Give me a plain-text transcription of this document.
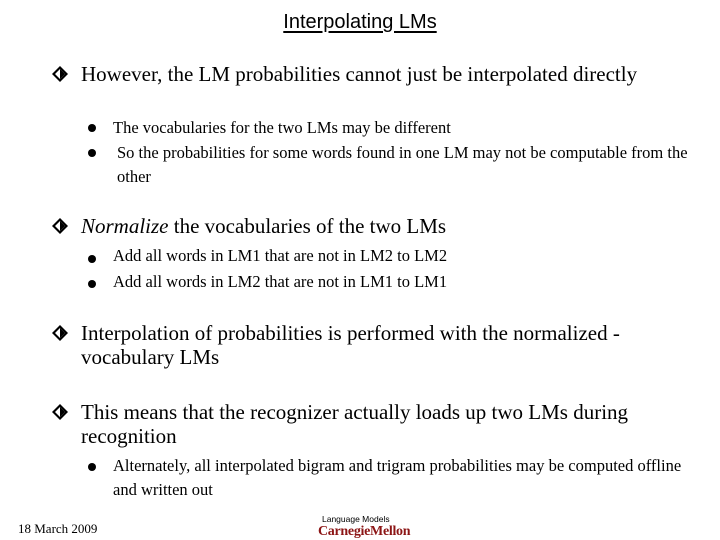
Interpolating LMs
However, the LM probabilities cannot just be interpolated directly
The vocabularies for the two LMs may be different
So the probabilities for some words found in one LM may not be computable from the other
Normalize the vocabularies of the two LMs
Add all words in LM1 that are not in LM2 to LM2
Add all words in LM2 that are not in LM1 to LM1
Interpolation of probabilities is performed with the normalized -vocabulary LMs
This means that the recognizer actually loads up two LMs during recognition
Alternately, all interpolated bigram and trigram probabilities may be computed offline and written out
18 March 2009
Language Models
CarnegieMellon
